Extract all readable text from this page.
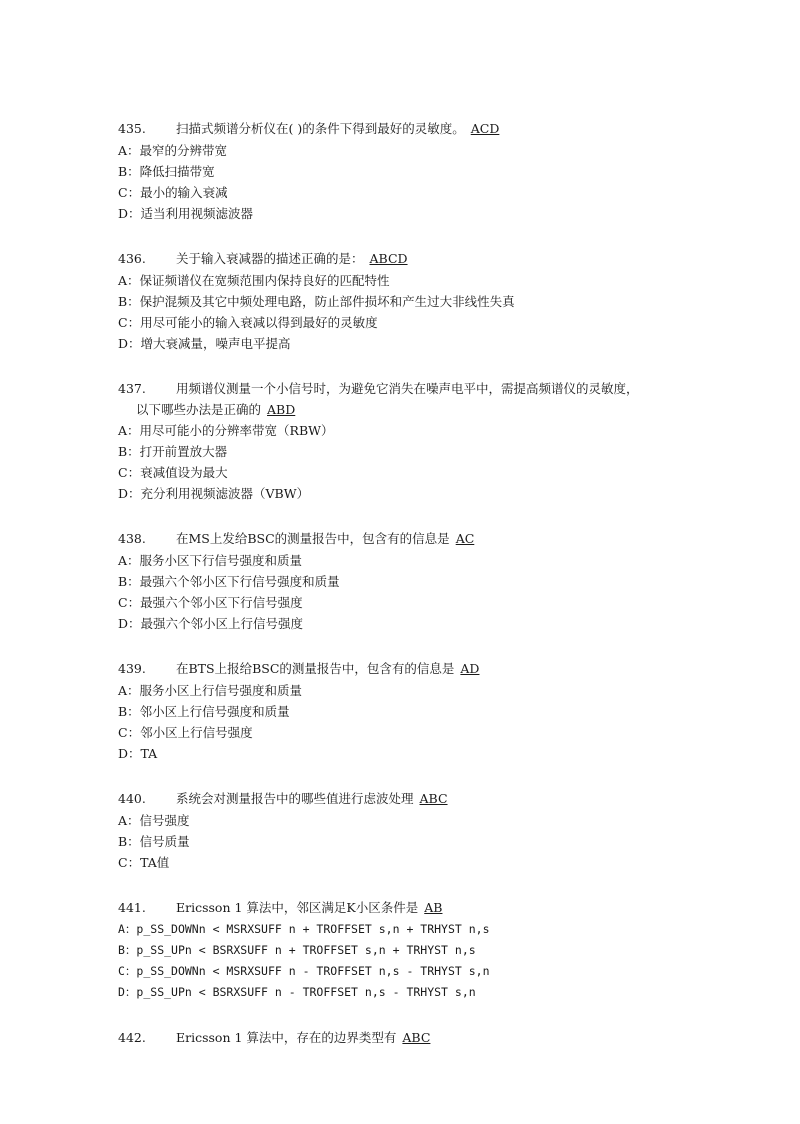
435. 扫描式频谱分析仪在( )的条件下得到最好的灵敏度。 ACD
A：最窄的分辨带宽
B：降低扫描带宽
C：最小的输入衰减
D：适当利用视频滤波器
436. 关于输入衰减器的描述正确的是： ABCD
A：保证频谱仪在宽频范围内保持良好的匹配特性
B：保护混频及其它中频处理电路，防止部件损坏和产生过大非线性失真
C：用尽可能小的输入衰减以得到最好的灵敏度
D：增大衰减量，噪声电平提高
437. 用频谱仪测量一个小信号时，为避免它消失在噪声电平中，需提高频谱仪的灵敏度，
以下哪些办法是正确的 ABD
A：用尽可能小的分辨率带宽（RBW）
B：打开前置放大器
C：衰减值设为最大
D：充分利用视频滤波器（VBW）
438. 在MS上发给BSC的测量报告中，包含有的信息是 AC
A：服务小区下行信号强度和质量
B：最强六个邻小区下行信号强度和质量
C：最强六个邻小区下行信号强度
D：最强六个邻小区上行信号强度
439. 在BTS上报给BSC的测量报告中，包含有的信息是 AD
A：服务小区上行信号强度和质量
B：邻小区上行信号强度和质量
C：邻小区上行信号强度
D：TA
440. 系统会对测量报告中的哪些值进行虑波处理 ABC
A：信号强度
B：信号质量
C：TA值
441. Ericsson 1 算法中，邻区满足K小区条件是 AB
A：p_SS_DOWNn < MSRXSUFF n + TROFFSET s,n + TRHYST n,s
B：p_SS_UPn < BSRXSUFF n + TROFFSET s,n + TRHYST n,s
C：p_SS_DOWNn < MSRXSUFF n - TROFFSET n,s - TRHYST s,n
D：p_SS_UPn < BSRXSUFF n - TROFFSET n,s - TRHYST s,n
442. Ericsson 1 算法中，存在的边界类型有 ABC
